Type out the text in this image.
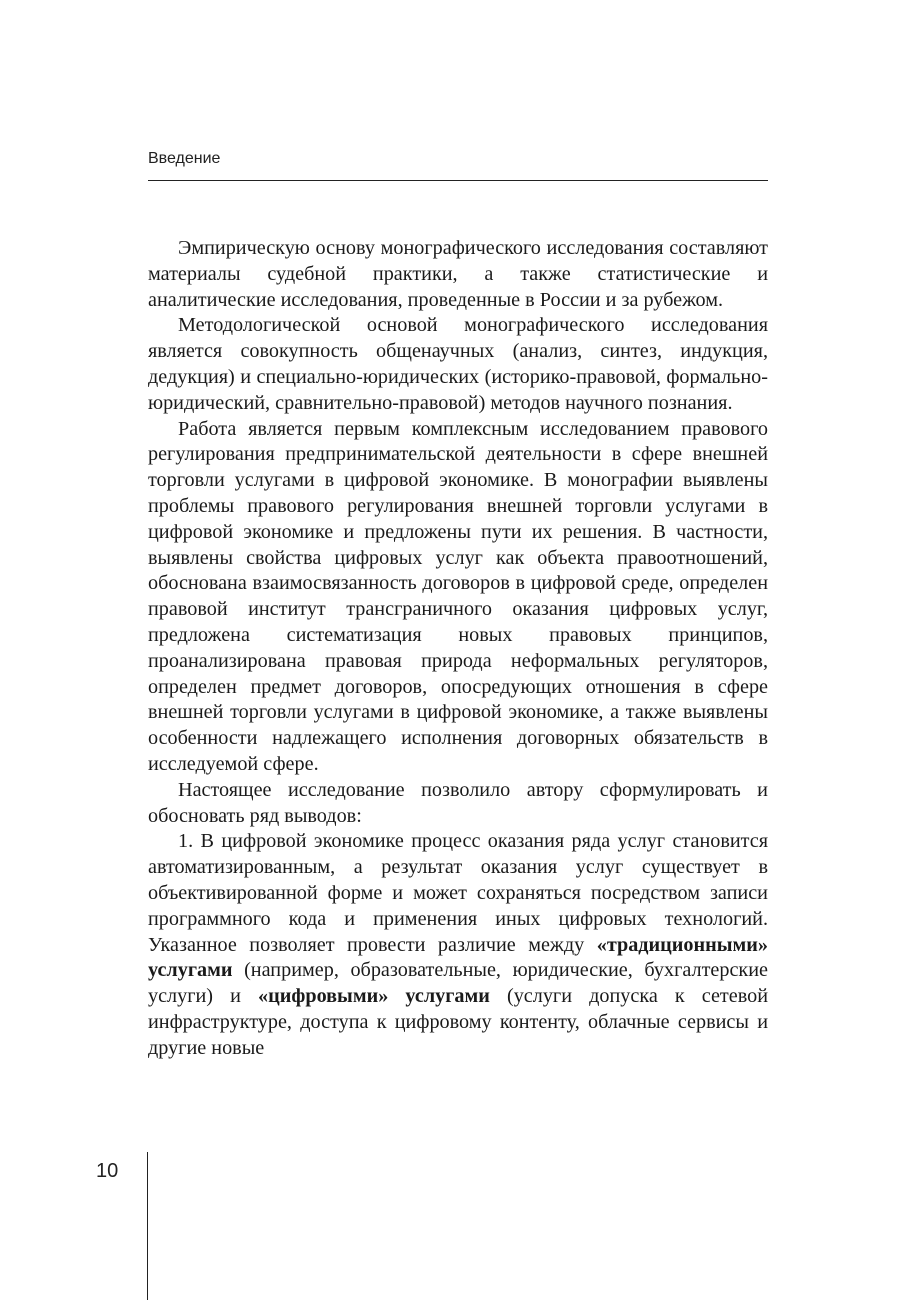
Введение

Эмпирическую основу монографического исследования составляют материалы судебной практики, а также статистические и аналитические исследования, проведенные в России и за рубежом.

Методологической основой монографического исследования является совокупность общенаучных (анализ, синтез, индукция, дедукция) и специально-юридических (историко-правовой, формально-юридический, сравнительно-правовой) методов научного познания.

Работа является первым комплексным исследованием правового регулирования предпринимательской деятельности в сфере внешней торговли услугами в цифровой экономике. В монографии выявлены проблемы правового регулирования внешней торговли услугами в цифровой экономике и предложены пути их решения. В частности, выявлены свойства цифровых услуг как объекта правоотношений, обоснована взаимосвязанность договоров в цифровой среде, определен правовой институт трансграничного оказания цифровых услуг, предложена систематизация новых правовых принципов, проанализирована правовая природа неформальных регуляторов, определен предмет договоров, опосредующих отношения в сфере внешней торговли услугами в цифровой экономике, а также выявлены особенности надлежащего исполнения договорных обязательств в исследуемой сфере.

Настоящее исследование позволило автору сформулировать и обосновать ряд выводов:

1. В цифровой экономике процесс оказания ряда услуг становится автоматизированным, а результат оказания услуг существует в объективированной форме и может сохраняться посредством записи программного кода и применения иных цифровых технологий. Указанное позволяет провести различие между «традиционными» услугами (например, образовательные, юридические, бухгалтерские услуги) и «цифровыми» услугами (услуги допуска к сетевой инфраструктуре, доступа к цифровому контенту, облачные сервисы и другие новые

10
